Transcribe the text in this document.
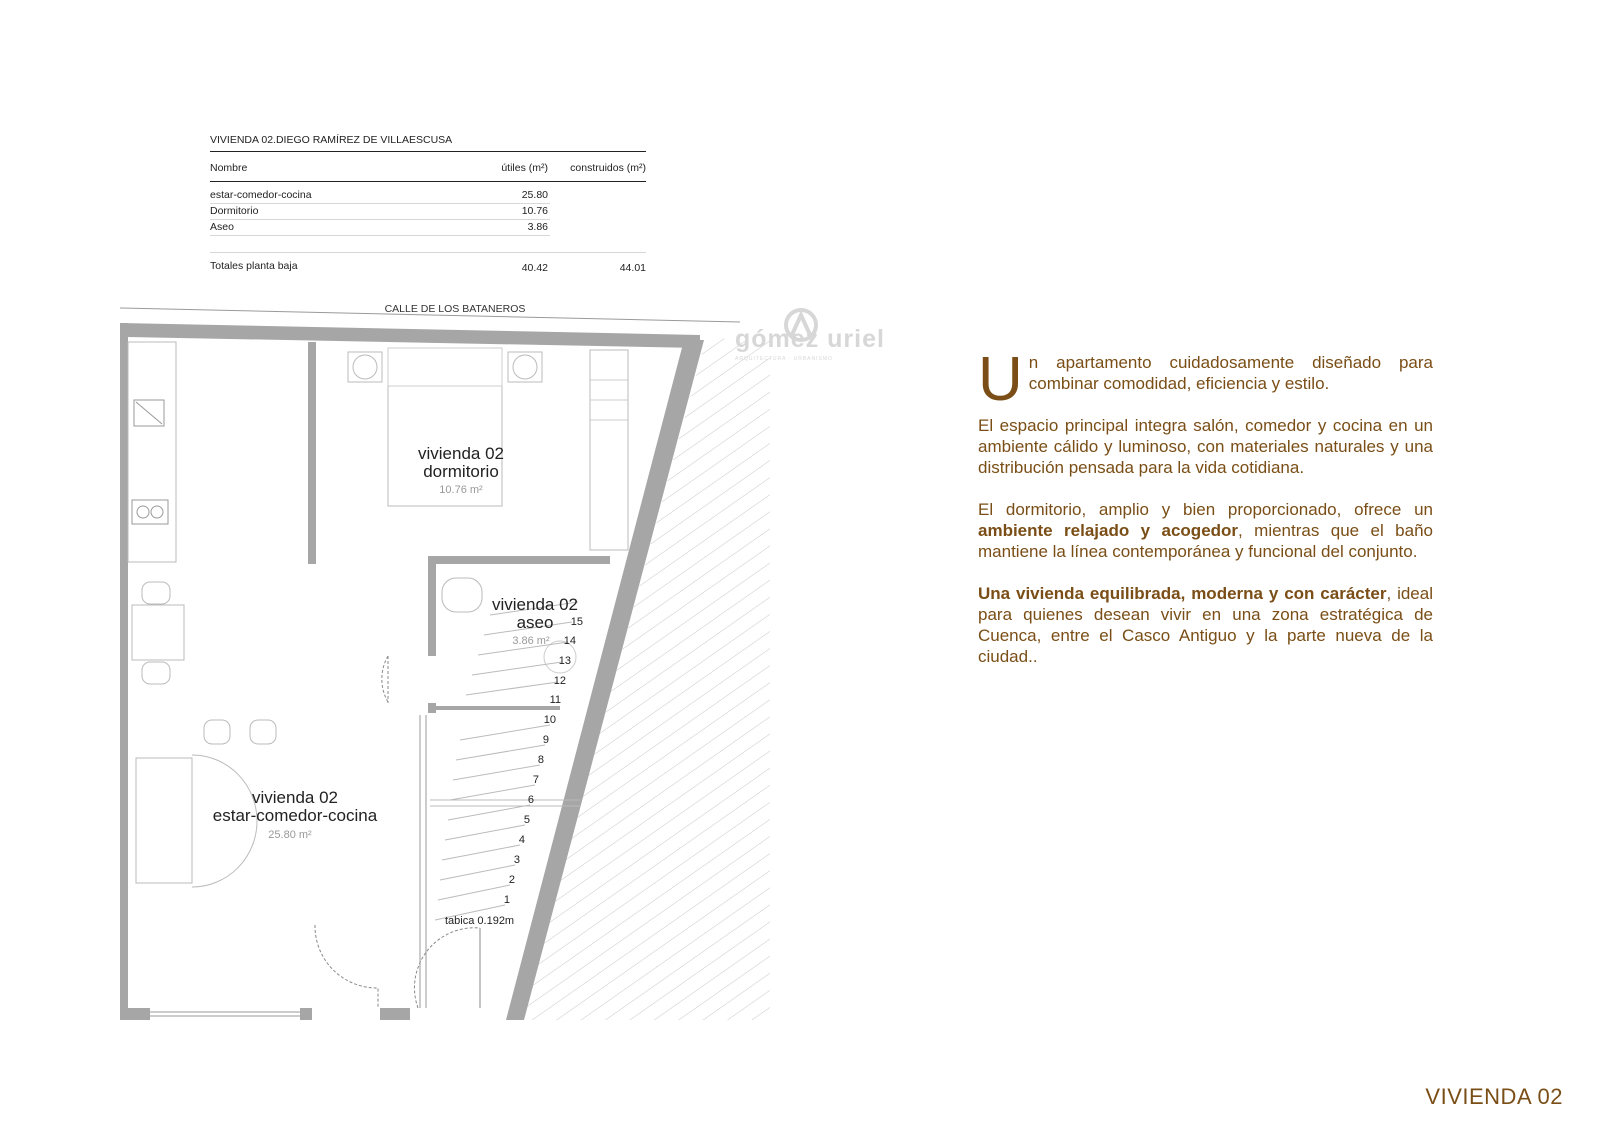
VIVIENDA 02.DIEGO RAMÍREZ DE VILLAESCUSA
Nombre	útiles (m²) construidos (m²)
estar-comedor-cocina	25.80
Dormitorio	10.76
Aseo	3.86
Totales planta baja	40.42	44.01
CALLE DE LOS BATANEROS
1
2
3
4
5
6
7
8
9
10
11
12
13
14
15
tabica 0.192m
vivienda 02
dormitorio
10.76 m²
vivienda 02
aseo
3.86 m²
vivienda 02
estar-comedor-cocina
25.80 m²
gómez uriel
ARQUITECTURA · URBANISMO	Un apartamento cuidadosamente diseñado para combinar comodidad, eficiencia y estilo.

El espacio principal integra salón, comedor y cocina en un ambiente cálido y luminoso, con materiales naturales y una distribución pensada para la vida cotidiana.

El dormitorio, amplio y bien proporcionado, ofrece un ambiente relajado y acogedor, mientras que el baño mantiene la línea contemporánea y funcional del conjunto.

Una vivienda equilibrada, moderna y con carácter, ideal para quienes desean vivir en una zona estratégica de Cuenca, entre el Casco Antiguo y la parte nueva de la ciudad..

VIVIENDA 02
